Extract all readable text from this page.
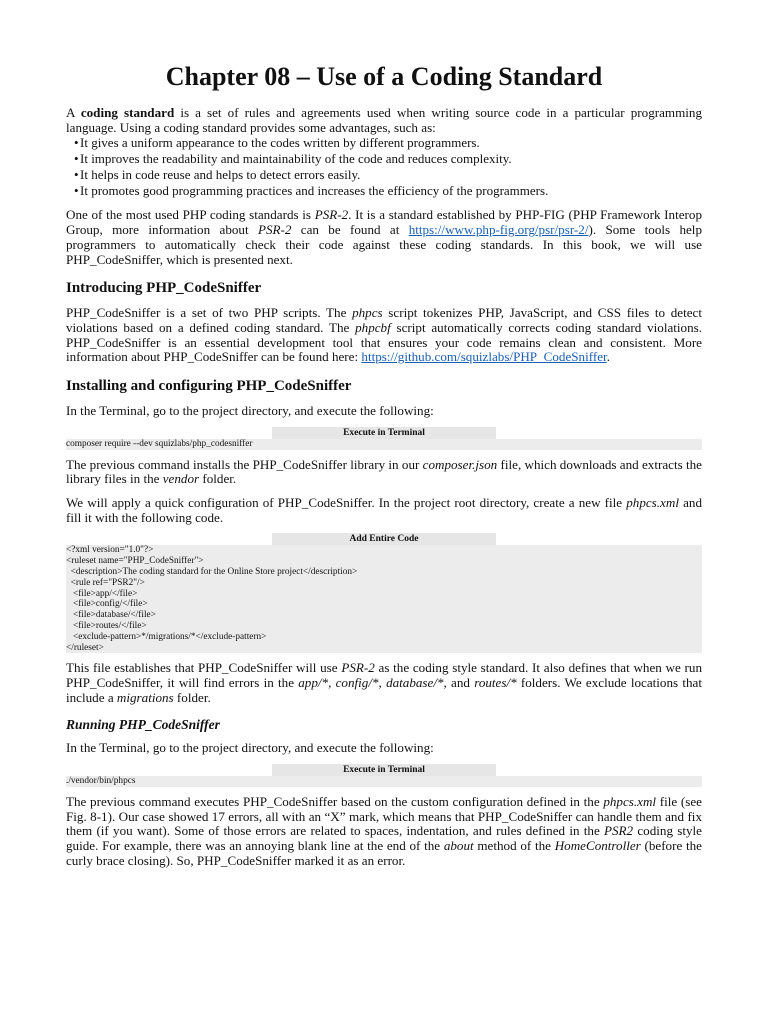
Chapter 08 – Use of a Coding Standard

A coding standard is a set of rules and agreements used when writing source code in a particular programming language. Using a coding standard provides some advantages, such as:

• It gives a uniform appearance to the codes written by different programmers.
• It improves the readability and maintainability of the code and reduces complexity.
• It helps in code reuse and helps to detect errors easily.
• It promotes good programming practices and increases the efficiency of the programmers.

One of the most used PHP coding standards is PSR-2. It is a standard established by PHP-FIG (PHP Framework Interop Group, more information about PSR-2 can be found at https://www.php-fig.org/psr/psr-2/). Some tools help programmers to automatically check their code against these coding standards. In this book, we will use PHP_CodeSniffer, which is presented next.

Introducing PHP_CodeSniffer

PHP_CodeSniffer is a set of two PHP scripts. The phpcs script tokenizes PHP, JavaScript, and CSS files to detect violations based on a defined coding standard. The phpcbf script automatically corrects coding standard violations. PHP_CodeSniffer is an essential development tool that ensures your code remains clean and consistent. More information about PHP_CodeSniffer can be found here: https://github.com/squizlabs/PHP_CodeSniffer.

Installing and configuring PHP_CodeSniffer

In the Terminal, go to the project directory, and execute the following:

Execute in Terminal
composer require --dev squizlabs/php_codesniffer

The previous command installs the PHP_CodeSniffer library in our composer.json file, which downloads and extracts the library files in the vendor folder.

We will apply a quick configuration of PHP_CodeSniffer. In the project root directory, create a new file phpcs.xml and fill it with the following code.

Add Entire Code
<?xml version="1.0"?>
<ruleset name="PHP_CodeSniffer">
<description>The coding standard for the Online Store project</description>
<rule ref="PSR2"/>
<file>app/</file>
<file>config/</file>
<file>database/</file>
<file>routes/</file>
<exclude-pattern>*/migrations/*</exclude-pattern>
</ruleset>

This file establishes that PHP_CodeSniffer will use PSR-2 as the coding style standard. It also defines that when we run PHP_CodeSniffer, it will find errors in the app/*, config/*, database/*, and routes/* folders. We exclude locations that include a migrations folder.

Running PHP_CodeSniffer

In the Terminal, go to the project directory, and execute the following:

Execute in Terminal
./vendor/bin/phpcs

The previous command executes PHP_CodeSniffer based on the custom configuration defined in the phpcs.xml file (see Fig. 8-1). Our case showed 17 errors, all with an “X” mark, which means that PHP_CodeSniffer can handle them and fix them (if you want). Some of those errors are related to spaces, indentation, and rules defined in the PSR2 coding style guide. For example, there was an annoying blank line at the end of the about method of the HomeController (before the curly brace closing). So, PHP_CodeSniffer marked it as an error.
